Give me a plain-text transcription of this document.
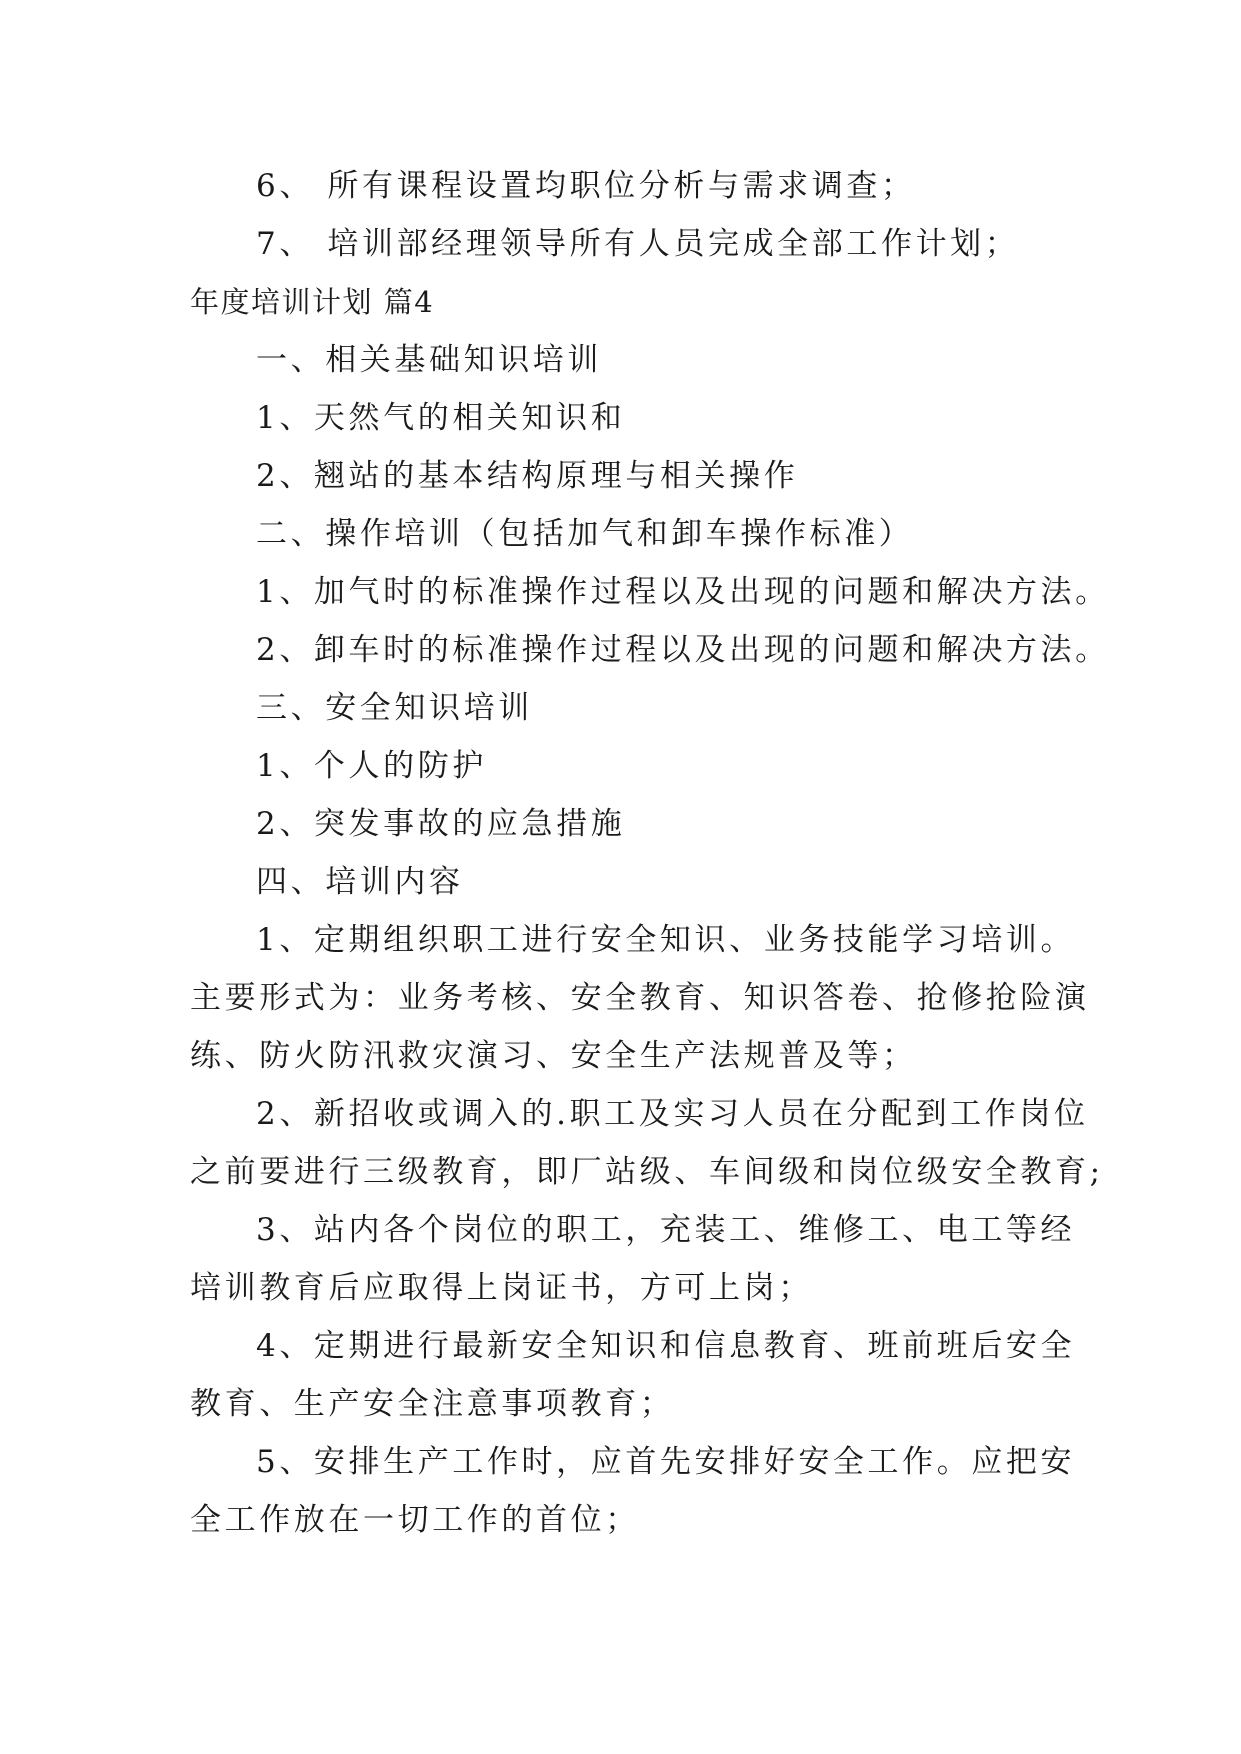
6、 所有课程设置均职位分析与需求调查；
7、 培训部经理领导所有人员完成全部工作计划；
年度培训计划 篇4
一、相关基础知识培训
1、天然气的相关知识和
2、翘站的基本结构原理与相关操作
二、操作培训（包括加气和卸车操作标准）
1、加气时的标准操作过程以及出现的问题和解决方法。
2、卸车时的标准操作过程以及出现的问题和解决方法。
三、安全知识培训
1、个人的防护
2、突发事故的应急措施
四、培训内容
1、定期组织职工进行安全知识、业务技能学习培训。
主要形式为：业务考核、安全教育、知识答卷、抢修抢险演
练、防火防汛救灾演习、安全生产法规普及等；
2、新招收或调入的.职工及实习人员在分配到工作岗位
之前要进行三级教育，即厂站级、车间级和岗位级安全教育;
3、站内各个岗位的职工，充装工、维修工、电工等经
培训教育后应取得上岗证书，方可上岗；
4、定期进行最新安全知识和信息教育、班前班后安全
教育、生产安全注意事项教育；
5、安排生产工作时，应首先安排好安全工作。应把安
全工作放在一切工作的首位；
